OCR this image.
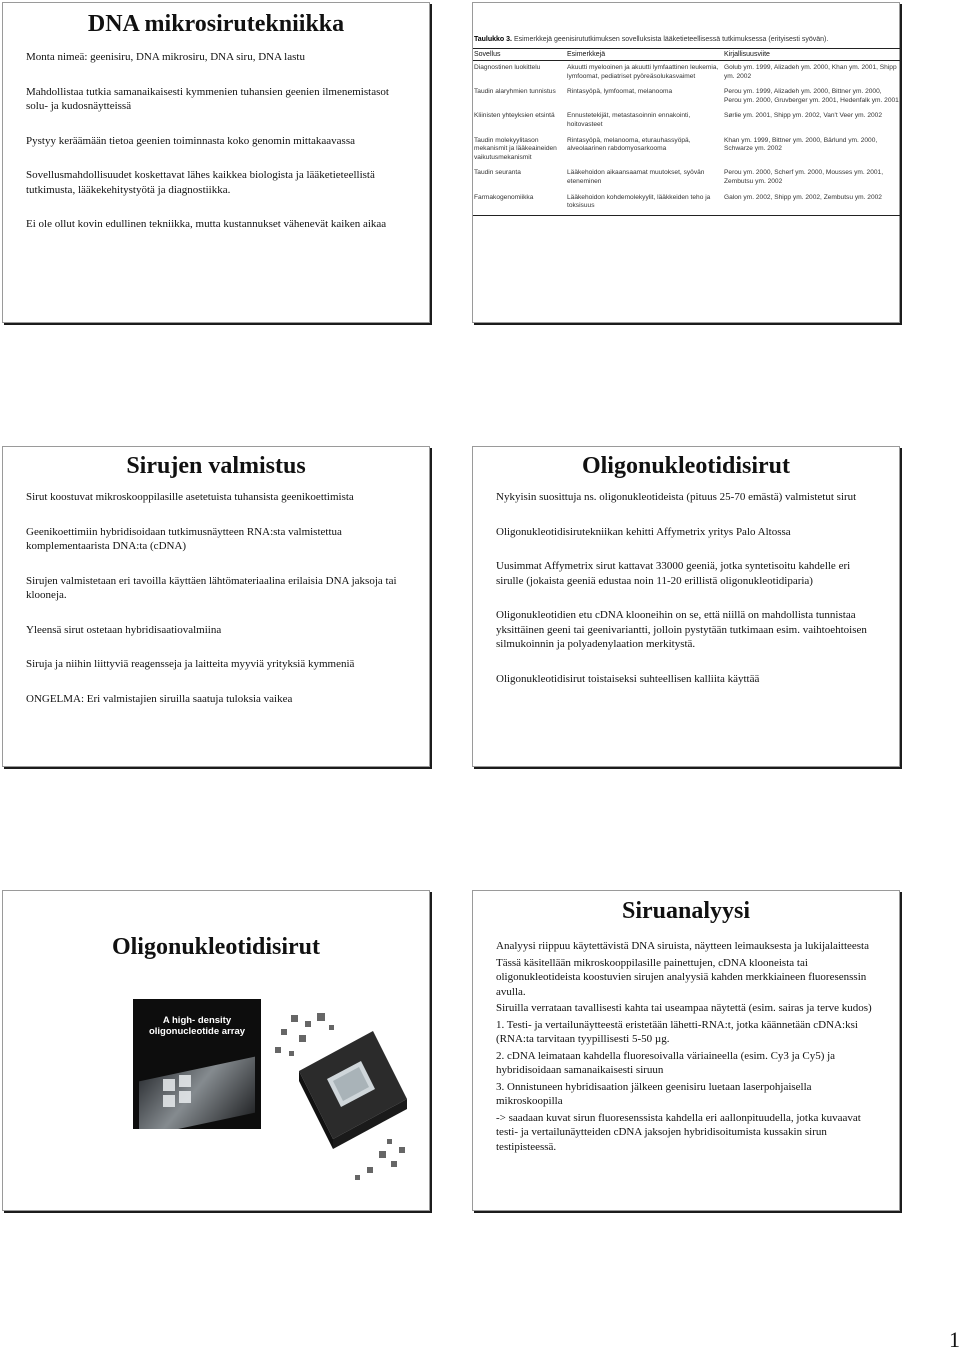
DNA mikrosirutekniikka

Monta nimeä: geenisiru, DNA mikrosiru, DNA siru, DNA lastu

Mahdollistaa tutkia samanaikaisesti kymmenien tuhansien geenien ilmenemistasot solu- ja kudosnäytteissä

Pystyy keräämään tietoa geenien toiminnasta koko genomin mittakaavassa

Sovellusmahdollisuudet koskettavat lähes kaikkea biologista ja lääketieteellistä tutkimusta, lääkekehitystyötä ja diagnostiikka.

Ei ole ollut kovin edullinen tekniikka, mutta kustannukset vähenevät kaiken aikaa

Taulukko 3. Esimerkkejä geenisirututkimuksen sovelluksista lääketieteellisessä tutkimuksessa (erityisesti syövän).
Sovellus	Esimerkkejä	Kirjallisuusviite
Diagnostinen luokittelu	Akuutti myelooinen ja akuutti lymfaattinen leukemia, lymfoomat, pediatriset pyöreäsolukasvaimet	Golub ym. 1999, Alizadeh ym. 2000, Khan ym. 2001, Shipp ym. 2002
Taudin alaryhmien tunnistus	Rintasyöpä, lymfoomat, melanooma	Perou ym. 1999, Alizadeh ym. 2000, Bittner ym. 2000, Perou ym. 2000, Gruvberger ym. 2001, Hedenfalk ym. 2001
Kliinisten yhteyksien etsintä	Ennustetekijät, metastasoinnin ennakointi, hoitovasteet	Sørlie ym. 2001, Shipp ym. 2002, Van't Veer ym. 2002
Taudin molekyylitason mekanismit ja lääkeaineiden vaikutusmekanismit	Rintasyöpä, melanooma, eturauhassyöpä, alveolaarinen rabdomyosarkooma	Khan ym. 1999, Bittner ym. 2000, Bärlund ym. 2000, Schwarze ym. 2002
Taudin seuranta	Lääkehoidon aikaansaamat muutokset, syövän eteneminen	Perou ym. 2000, Scherf ym. 2000, Mousses ym. 2001, Zembutsu ym. 2002
Farmakogenomiikka	Lääkehoidon kohdemolekyylit, lääkkeiden teho ja toksisuus	Galon ym. 2002, Shipp ym. 2002, Zembutsu ym. 2002
Sirujen valmistus

Sirut koostuvat mikroskooppilasille asetetuista tuhansista geenikoettimista

Geenikoettimiin hybridisoidaan tutkimusnäytteen RNA:sta valmistettua komplementaarista DNA:ta (cDNA)

Sirujen valmistetaan eri tavoilla käyttäen lähtömateriaalina erilaisia DNA jaksoja tai klooneja.

Yleensä sirut ostetaan hybridisaatiovalmiina

Siruja ja niihin liittyviä reagensseja ja laitteita myyviä yrityksiä kymmeniä

ONGELMA: Eri valmistajien siruilla saatuja tuloksia vaikea

Oligonukleotidisirut

Nykyisin suosittuja ns. oligonukleotideista (pituus 25-70 emästä) valmistetut sirut

Oligonukleotidisirutekniikan kehitti Affymetrix yritys Palo Altossa

Uusimmat Affymetrix sirut kattavat 33000 geeniä, jotka syntetisoitu kahdelle eri sirulle (jokaista geeniä edustaa noin 11-20 erillistä oligonukleotidiparia)

Oligonukleotidien etu cDNA klooneihin on se, että niillä on mahdollista tunnistaa yksittäinen geeni tai geenivariantti, jolloin pystytään tutkimaan esim. vaihtoehtoisen silmukoinnin ja polyadenylaation merkitystä.

Oligonukleotidisirut toistaiseksi suhteellisen kalliita käyttää

Oligonukleotidisirut
A high- density oligonucleotide array
Siruanalyysi

Analyysi riippuu käytettävistä DNA siruista, näytteen leimauksesta ja lukijalaitteesta

Tässä käsitellään mikroskooppilasille painettujen, cDNA klooneista tai oligonukleotideista koostuvien sirujen analyysiä kahden merkkiaineen fluoresenssin avulla.

Siruilla verrataan tavallisesti kahta tai useampaa näytettä (esim. sairas ja terve kudos)

1. Testi- ja vertailunäytteestä eristetään lähetti-RNA:t, jotka käännetään cDNA:ksi (RNA:ta tarvitaan tyypillisesti 5-50 µg.

2. cDNA leimataan kahdella fluoresoivalla väriaineella (esim. Cy3 ja Cy5) ja hybridisoidaan samanaikaisesti siruun

3. Onnistuneen hybridisaation jälkeen geenisiru luetaan laserpohjaisella mikroskoopilla

-> saadaan kuvat sirun fluoresenssista kahdella eri aallonpituudella, jotka kuvaavat testi- ja vertailunäytteiden cDNA jaksojen hybridisoitumista kussakin sirun testipisteessä.

1
